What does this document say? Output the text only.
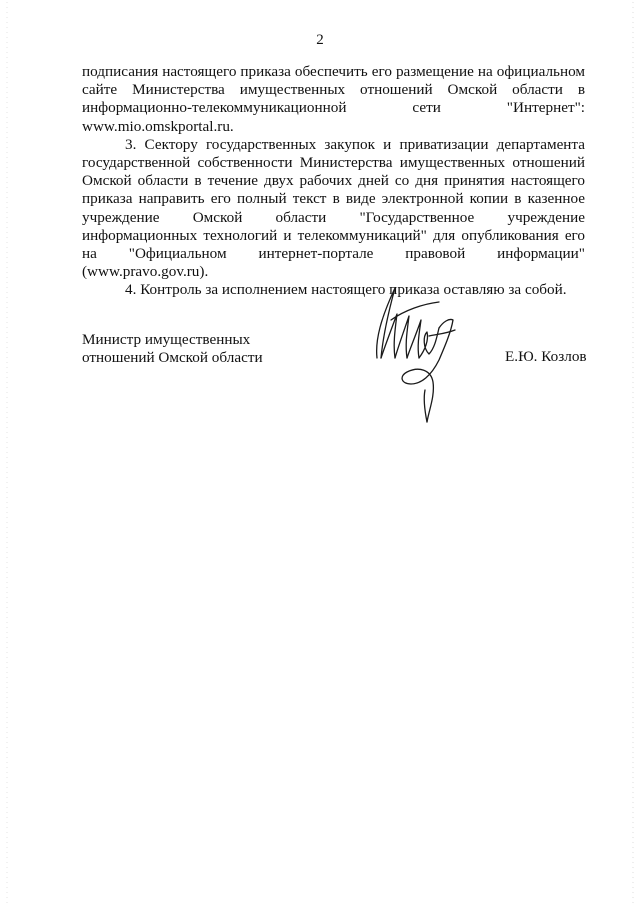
2

подписания настоящего приказа обеспечить его размещение на официальном сайте Министерства имущественных отношений Омской области в информационно-телекоммуникационной сети "Интернет": www.mio.omskportal.ru.

3. Сектору государственных закупок и приватизации департамента государственной собственности Министерства имущественных отношений Омской области в течение двух рабочих дней со дня принятия настоящего приказа направить его полный текст в виде электронной копии в казенное учреждение Омской области "Государственное учреждение информационных технологий и телекоммуникаций" для опубликования его на "Официальном интернет-портале правовой информации" (www.pravo.gov.ru).

4. Контроль за исполнением настоящего приказа оставляю за собой.

Министр имущественных
отношений Омской области	Е.Ю. Козлов
